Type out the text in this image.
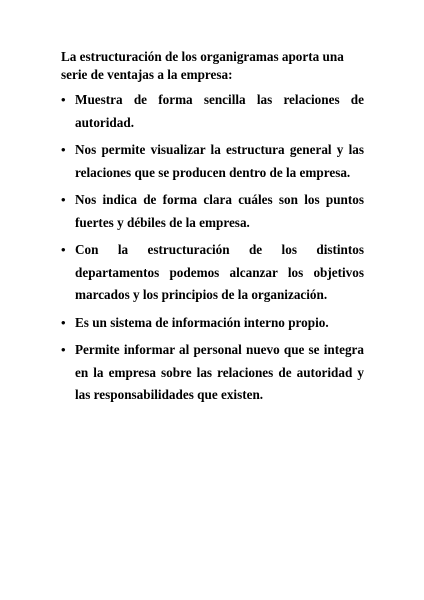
La estructuración de los organigramas aporta una serie de ventajas a la empresa:

• Muestra de forma sencilla las relaciones de autoridad.
• Nos permite visualizar la estructura general y las relaciones que se producen dentro de la empresa.
• Nos indica de forma clara cuáles son los puntos fuertes y débiles de la empresa.
• Con la estructuración de los distintos departamentos podemos alcanzar los objetivos marcados y los principios de la organización.
• Es un sistema de información interno propio.
• Permite informar al personal nuevo que se integra en la empresa sobre las relaciones de autoridad y las responsabilidades que existen.
